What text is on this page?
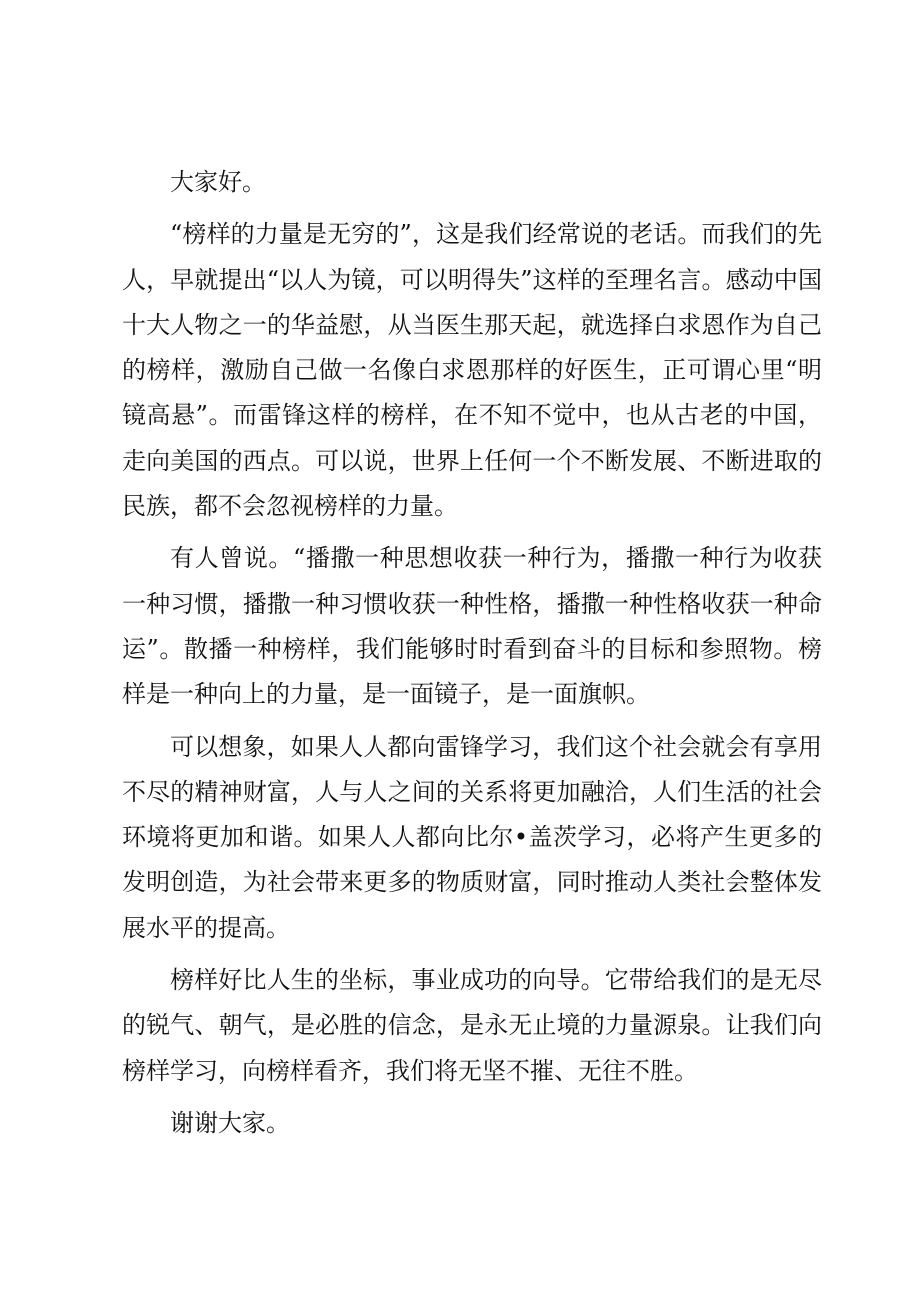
大家好。

“榜样的力量是无穷的”，这是我们经常说的老话。而我们的先人，早就提出“以人为镜，可以明得失”这样的至理名言。感动中国十大人物之一的华益慰，从当医生那天起，就选择白求恩作为自己的榜样，激励自己做一名像白求恩那样的好医生，正可谓心里“明镜高悬”。而雷锋这样的榜样，在不知不觉中，也从古老的中国，走向美国的西点。可以说，世界上任何一个不断发展、不断进取的民族，都不会忽视榜样的力量。

有人曾说。“播撒一种思想收获一种行为，播撒一种行为收获一种习惯，播撒一种习惯收获一种性格，播撒一种性格收获一种命运”。散播一种榜样，我们能够时时看到奋斗的目标和参照物。榜样是一种向上的力量，是一面镜子，是一面旗帜。

可以想象，如果人人都向雷锋学习，我们这个社会就会有享用不尽的精神财富，人与人之间的关系将更加融洽，人们生活的社会环境将更加和谐。如果人人都向比尔•盖茨学习，必将产生更多的发明创造，为社会带来更多的物质财富，同时推动人类社会整体发展水平的提高。

榜样好比人生的坐标，事业成功的向导。它带给我们的是无尽的锐气、朝气，是必胜的信念，是永无止境的力量源泉。让我们向榜样学习，向榜样看齐，我们将无坚不摧、无往不胜。

谢谢大家。
